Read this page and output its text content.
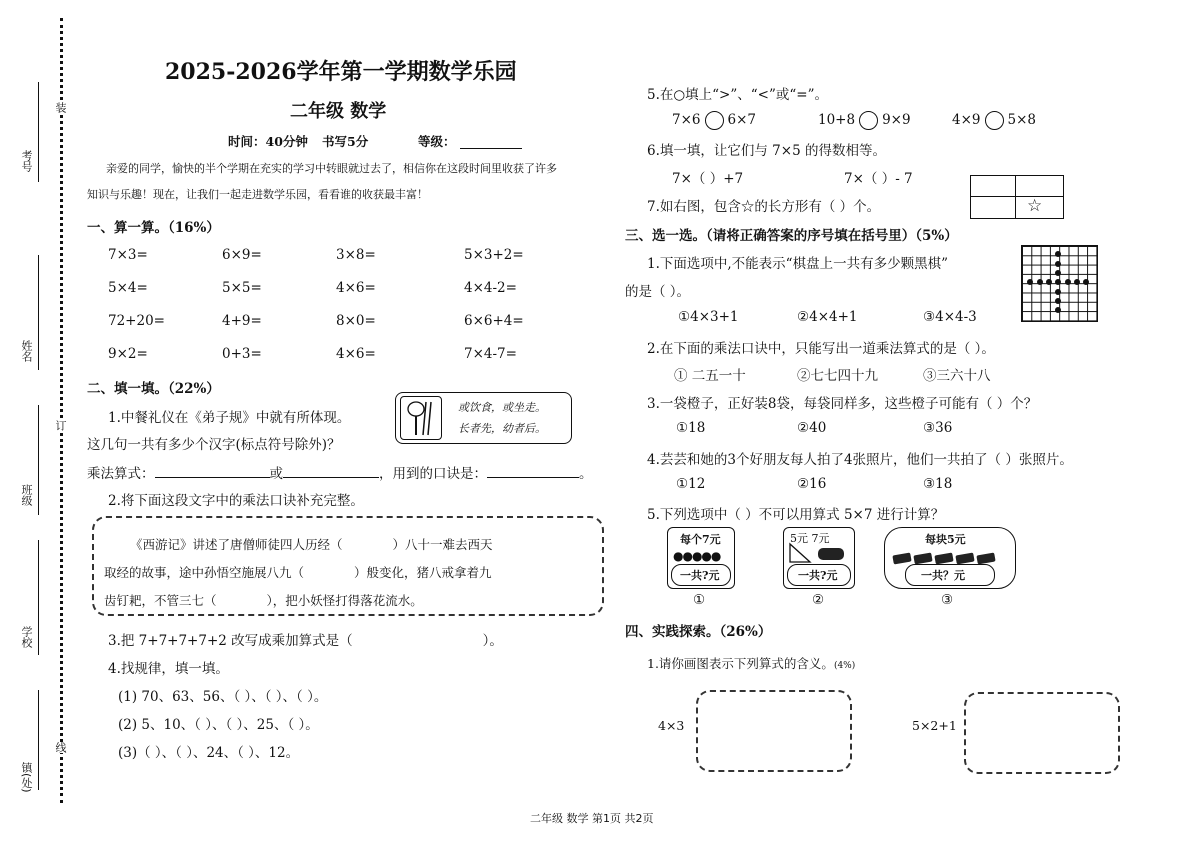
考号
姓名
班级
学校
镇(处)
装
订
线
2025-2026学年第一学期数学乐园
二年级 数学
时间：40分钟 书写5分	等级：
亲爱的同学，愉快的半个学期在充实的学习中转眼就过去了，相信你在这段时间里收获了许多
知识与乐趣！现在，让我们一起走进数学乐园，看看谁的收获最丰富！
一、算一算。（16%）
7×3=	6×9=	3×8=	5×3+2=
5×4=	5×5=	4×6=	4×4-2=
72+20=	4+9=	8×0=	6×6+4=
9×2=	0+3=	4×6=	7×4-7=
二、填一填。（22%）
1.中餐礼仪在《弟子规》中就有所体现。
这几句一共有多少个汉字(标点符号除外)？
或饮食，或坐走。
长者先，幼者后。
乘法算式：	或	，用到的口诀是：	。
2.将下面这段文字中的乘法口诀补充完整。
《西游记》讲述了唐僧师徒四人历经（	）八十一难去西天
取经的故事，途中孙悟空施展八九（	）般变化，猪八戒拿着九
齿钉耙，不管三七（	），把小妖怪打得落花流水。
3.把 7+7+7+7+2 改写成乘加算式是（	）。
4.找规律，填一填。
(1) 70、63、56、（ ）、（ ）、（ ）。
(2) 5、10、（ ）、（ ）、25、（ ）。
(3)（ ）、（ ）、24、（ ）、12。
5.在○填上“>”、“<”或“=”。
7×6 6×7	10+8 9×9	4×9 5×8
6.填一填，让它们与 7×5 的得数相等。
7×（ ）+7	7×（ ）- 7
7.如右图，包含☆的长方形有（ ）个。	☆
三、选一选。（请将正确答案的序号填在括号里）（5%）
1.下面选项中,不能表示“棋盘上一共有多少颗黑棋”
的是（ ）。
①4×3+1	②4×4+1	③4×4-3
2.在下面的乘法口诀中，只能写出一道乘法算式的是（ ）。
① 二五一十	②七七四十九	③三六十八
3.一袋橙子，正好装8袋，每袋同样多，这些橙子可能有（ ）个？
①18	②40	③36
4.芸芸和她的3个好朋友每人拍了4张照片，他们一共拍了（ ）张照片。
①12	②16	③18
5.下列选项中（ ）不可以用算式 5×7 进行计算？
每个7元
●●●●●
一共?元
5元 7元
一共?元
每块5元
一共？元
①	②	③
四、实践探索。（26%）
1.请你画图表示下列算式的含义。(4%)
4×3	5×2+1
二年级 数学 第1页 共2页
